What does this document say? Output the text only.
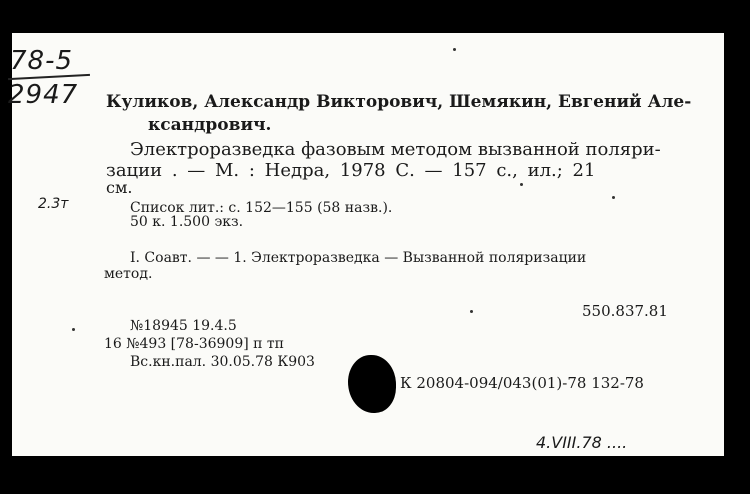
78-5
2947
2.3т
Куликов, Александр Викторович, Шемякин, Евгений Але-
ксандрович.
Электроразведка фазовым методом вызванной поляри-
зации . — М. : Недра, 1978 С. — 157 с., ил.; 21
см.
Список лит.: с. 152—155 (58 назв.).
50 к. 1.500 экз.
I. Соавт. — — 1. Электроразведка — Вызванной поляризации
метод.
550.837.81
№18945 19.4.5
16 №493 [78-36909] п тп
Вс.кн.пал. 30.05.78 К903
К 20804-094/043(01)-78 132-78
4.VIII.78 ....
